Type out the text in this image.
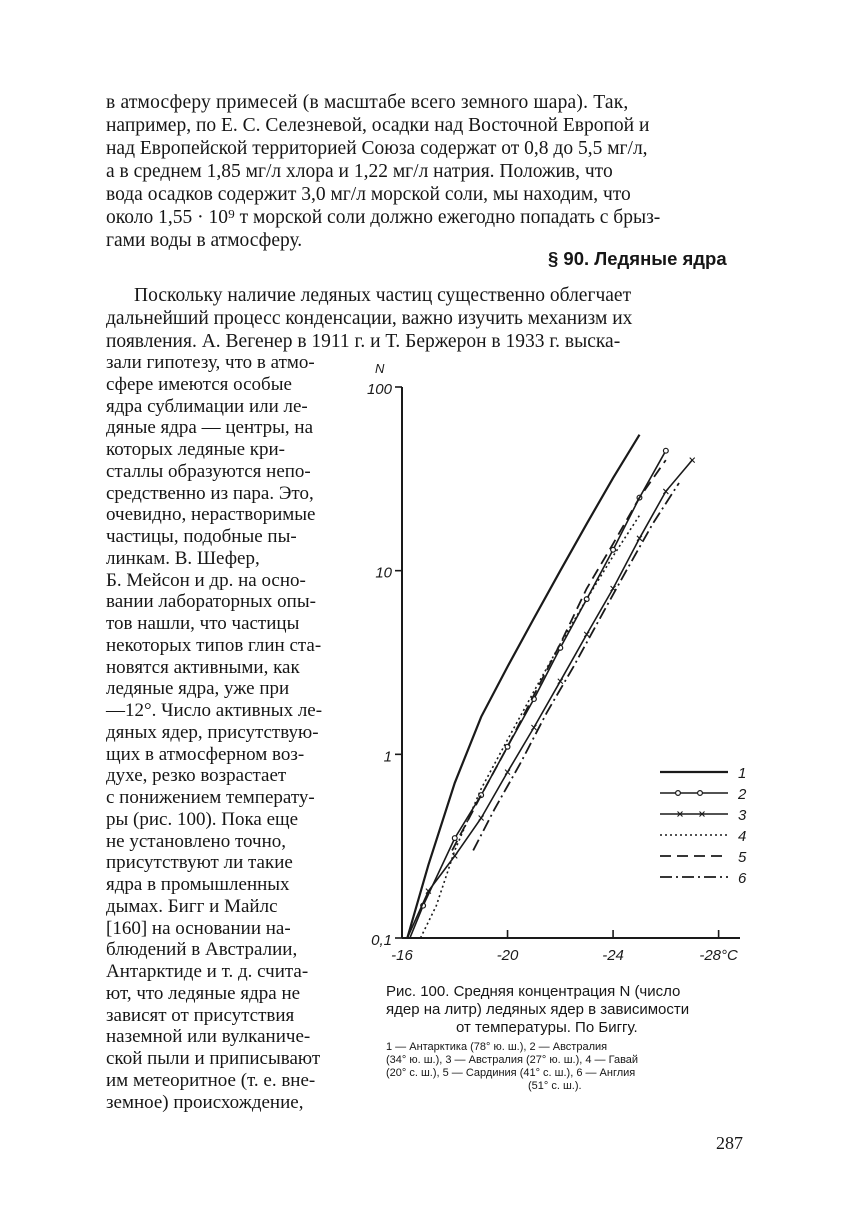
в атмосферу примесей (в масштабе всего земного шара). Так,
например, по Е. С. Селезневой, осадки над Восточной Европой и
над Европейской территорией Союза содержат от 0,8 до 5,5 мг/л,
а в среднем 1,85 мг/л хлора и 1,22 мг/л натрия. Положив, что
вода осадков содержит 3,0 мг/л морской соли, мы находим, что
около 1,55 · 10⁹ т морской соли должно ежегодно попадать с брыз-
гами воды в атмосферу.
§ 90. Ледяные ядра
Поскольку наличие ледяных частиц существенно облегчает
дальнейший процесс конденсации, важно изучить механизм их
появления. А. Вегенер в 1911 г. и Т. Бержерон в 1933 г. выска-
зали гипотезу, что в атмо-
сфере имеются особые
ядра сублимации или ле-
дяные ядра — центры, на
которых ледяные кри-
сталлы образуются непо-
средственно из пара. Это,
очевидно, нерастворимые
частицы, подобные пы-
линкам. В. Шефер,
Б. Мейсон и др. на осно-
вании лабораторных опы-
тов нашли, что частицы
некоторых типов глин ста-
новятся активными, как
ледяные ядра, уже при
—12°. Число активных ле-
дяных ядер, присутствую-
щих в атмосферном воз-
духе, резко возрастает
с понижением температу-
ры (рис. 100). Пока еще
не установлено точно,
присутствуют ли такие
ядра в промышленных
дымах. Бигг и Майлс
[160] на основании на-
блюдений в Австралии,
Антарктиде и т. д. счита-
ют, что ледяные ядра не
зависят от присутствия
наземной или вулканиче-
ской пыли и приписывают
им метеоритное (т. е. вне-
земное) происхождение,
0,1
1
10
100
N
-16	-20	-24	-28°C
1
2
3
4
5
6
Рис. 100. Средняя концентрация N (число
ядер на литр) ледяных ядер в зависимости
от температуры. По Биггу.
1 — Антарктика (78° ю. ш.), 2 — Австралия
(34° ю. ш.), 3 — Австралия (27° ю. ш.), 4 — Гавай
(20° с. ш.), 5 — Сардиния (41° с. ш.), 6 — Англия
(51° с. ш.).
287
